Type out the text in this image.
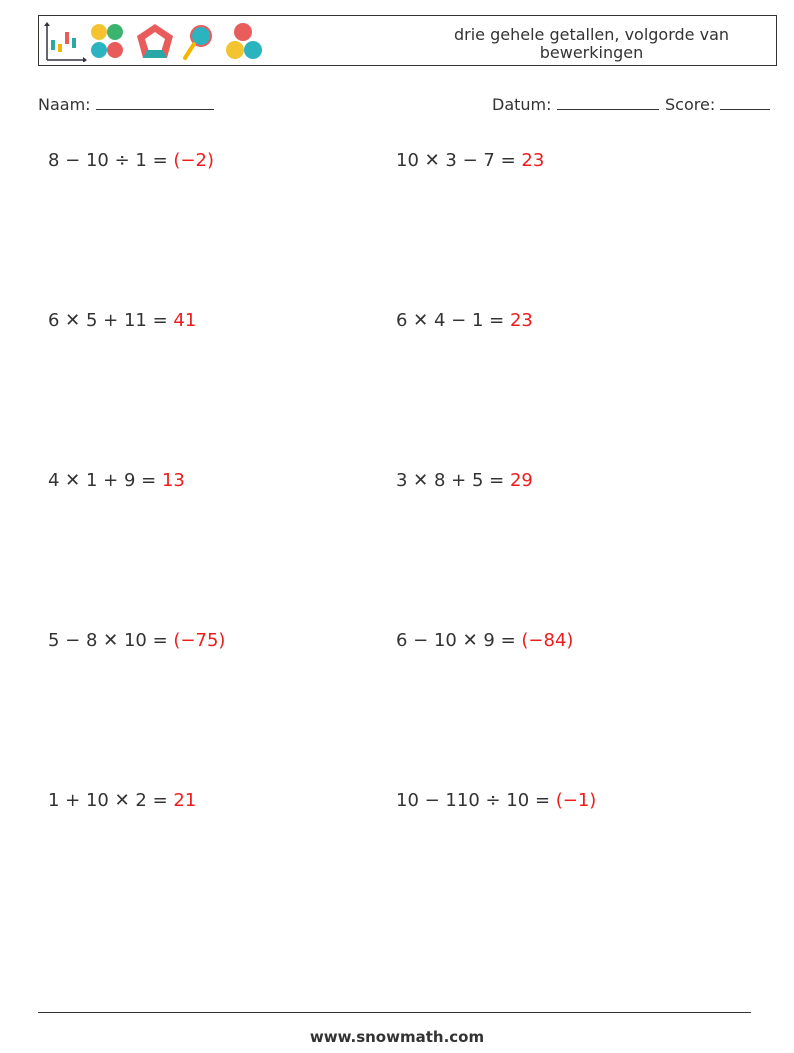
drie gehele getallen, volgorde van
bewerkingen
Naam:	Datum:	Score:
8 − 10 ÷ 1 = (−2)	10 ✕ 3 − 7 = 23
6 ✕ 5 + 11 = 41	6 ✕ 4 − 1 = 23
4 ✕ 1 + 9 = 13	3 ✕ 8 + 5 = 29
5 − 8 ✕ 10 = (−75)	6 − 10 ✕ 9 = (−84)
1 + 10 ✕ 2 = 21	10 − 110 ÷ 10 = (−1)
www.snowmath.com
